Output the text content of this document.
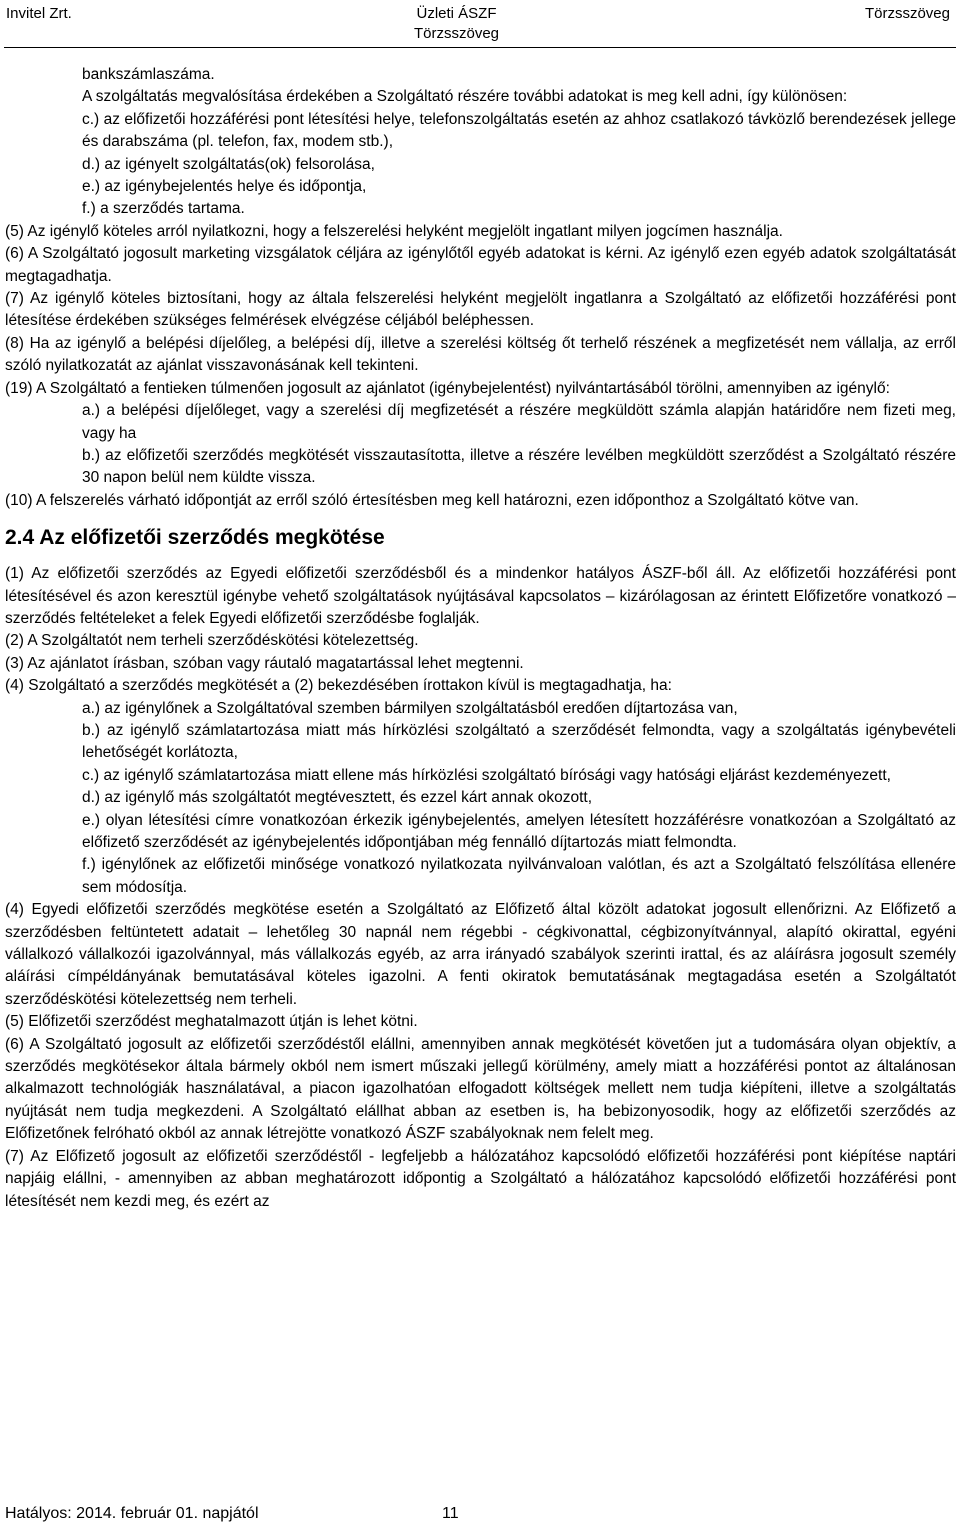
Invitel Zrt.	Üzleti ÁSZF
Törzsszöveg
Törzsszöveg

bankszámlaszáma.

A szolgáltatás megvalósítása érdekében a Szolgáltató részére további adatokat is meg kell adni, így különösen:

c.) az előfizetői hozzáférési pont létesítési helye, telefonszolgáltatás esetén az ahhoz csatlakozó távközlő berendezések jellege és darabszáma (pl. telefon, fax, modem stb.),

d.) az igényelt szolgáltatás(ok) felsorolása,

e.) az igénybejelentés helye és időpontja,

f.) a szerződés tartama.

(5) Az igénylő köteles arról nyilatkozni, hogy a felszerelési helyként megjelölt ingatlant milyen jogcímen használja.

(6) A Szolgáltató jogosult marketing vizsgálatok céljára az igénylőtől egyéb adatokat is kérni. Az igénylő ezen egyéb adatok szolgáltatását megtagadhatja.

(7) Az igénylő köteles biztosítani, hogy az általa felszerelési helyként megjelölt ingatlanra a Szolgáltató az előfizetői hozzáférési pont létesítése érdekében szükséges felmérések elvégzése céljából beléphessen.

(8) Ha az igénylő a belépési díjelőleg, a belépési díj, illetve a szerelési költség őt terhelő részének a megfizetését nem vállalja, az erről szóló nyilatkozatát az ajánlat visszavonásának kell tekinteni.

(19) A Szolgáltató a fentieken túlmenően jogosult az ajánlatot (igénybejelentést) nyilvántartásából törölni, amennyiben az igénylő:

a.) a belépési díjelőleget, vagy a szerelési díj megfizetését a részére megküldött számla alapján határidőre nem fizeti meg, vagy ha

b.) az előfizetői szerződés megkötését visszautasította, illetve a részére levélben megküldött szerződést a Szolgáltató részére 30 napon belül nem küldte vissza.

(10) A felszerelés várható időpontját az erről szóló értesítésben meg kell határozni, ezen időponthoz a Szolgáltató kötve van.

2.4 Az előfizetői szerződés megkötése

(1) Az előfizetői szerződés az Egyedi előfizetői szerződésből és a mindenkor hatályos ÁSZF-ből áll. Az előfizetői hozzáférési pont létesítésével és azon keresztül igénybe vehető szolgáltatások nyújtásával kapcsolatos – kizárólagosan az érintett Előfizetőre vonatkozó – szerződés feltételeket a felek Egyedi előfizetői szerződésbe foglalják.

(2) A Szolgáltatót nem terheli szerződéskötési kötelezettség.

(3) Az ajánlatot írásban, szóban vagy ráutaló magatartással lehet megtenni.

(4) Szolgáltató a szerződés megkötését a (2) bekezdésében írottakon kívül is megtagadhatja, ha:

a.) az igénylőnek a Szolgáltatóval szemben bármilyen szolgáltatásból eredően díjtartozása van,

b.) az igénylő számlatartozása miatt más hírközlési szolgáltató a szerződését felmondta, vagy a szolgáltatás igénybevételi lehetőségét korlátozta,

c.) az igénylő számlatartozása miatt ellene más hírközlési szolgáltató bírósági vagy hatósági eljárást kezdeményezett,

d.) az igénylő más szolgáltatót megtévesztett, és ezzel kárt annak okozott,

e.) olyan létesítési címre vonatkozóan érkezik igénybejelentés, amelyen létesített hozzáférésre vonatkozóan a Szolgáltató az előfizető szerződését az igénybejelentés időpontjában még fennálló díjtartozás miatt felmondta.

f.) igénylőnek az előfizetői minősége vonatkozó nyilatkozata nyilvánvaloan valótlan, és azt a Szolgáltató felszólítása ellenére sem módosítja.

(4) Egyedi előfizetői szerződés megkötése esetén a Szolgáltató az Előfizető által közölt adatokat jogosult ellenőrizni. Az Előfizető a szerződésben feltüntetett adatait – lehetőleg 30 napnál nem régebbi - cégkivonattal, cégbizonyítvánnyal, alapító okirattal, egyéni vállalkozó vállalkozói igazolvánnyal, más vállalkozás egyéb, az arra irányadó szabályok szerinti irattal, és az aláírásra jogosult személy aláírási címpéldányának bemutatásával köteles igazolni. A fenti okiratok bemutatásának megtagadása esetén a Szolgáltatót szerződéskötési kötelezettség nem terheli.

(5) Előfizetői szerződést meghatalmazott útján is lehet kötni.

(6) A Szolgáltató jogosult az előfizetői szerződéstől elállni, amennyiben annak megkötését követően jut a tudomására olyan objektív, a szerződés megkötésekor általa bármely okból nem ismert műszaki jellegű körülmény, amely miatt a hozzáférési pontot az általánosan alkalmazott technológiák használatával, a piacon igazolhatóan elfogadott költségek mellett nem tudja kiépíteni, illetve a szolgáltatás nyújtását nem tudja megkezdeni. A Szolgáltató elállhat abban az esetben is, ha bebizonyosodik, hogy az előfizetői szerződés az Előfizetőnek felróható okból az annak létrejötte vonatkozó ÁSZF szabályoknak nem felelt meg.

(7) Az Előfizető jogosult az előfizetői szerződéstől - legfeljebb a hálózatához kapcsolódó előfizetői hozzáférési pont kiépítése naptári napjáig elállni, - amennyiben az abban meghatározott időpontig a Szolgáltató a hálózatához kapcsolódó előfizetői hozzáférési pont létesítését nem kezdi meg, és ezért az

Hatályos: 2014. február 01. napjától	11
